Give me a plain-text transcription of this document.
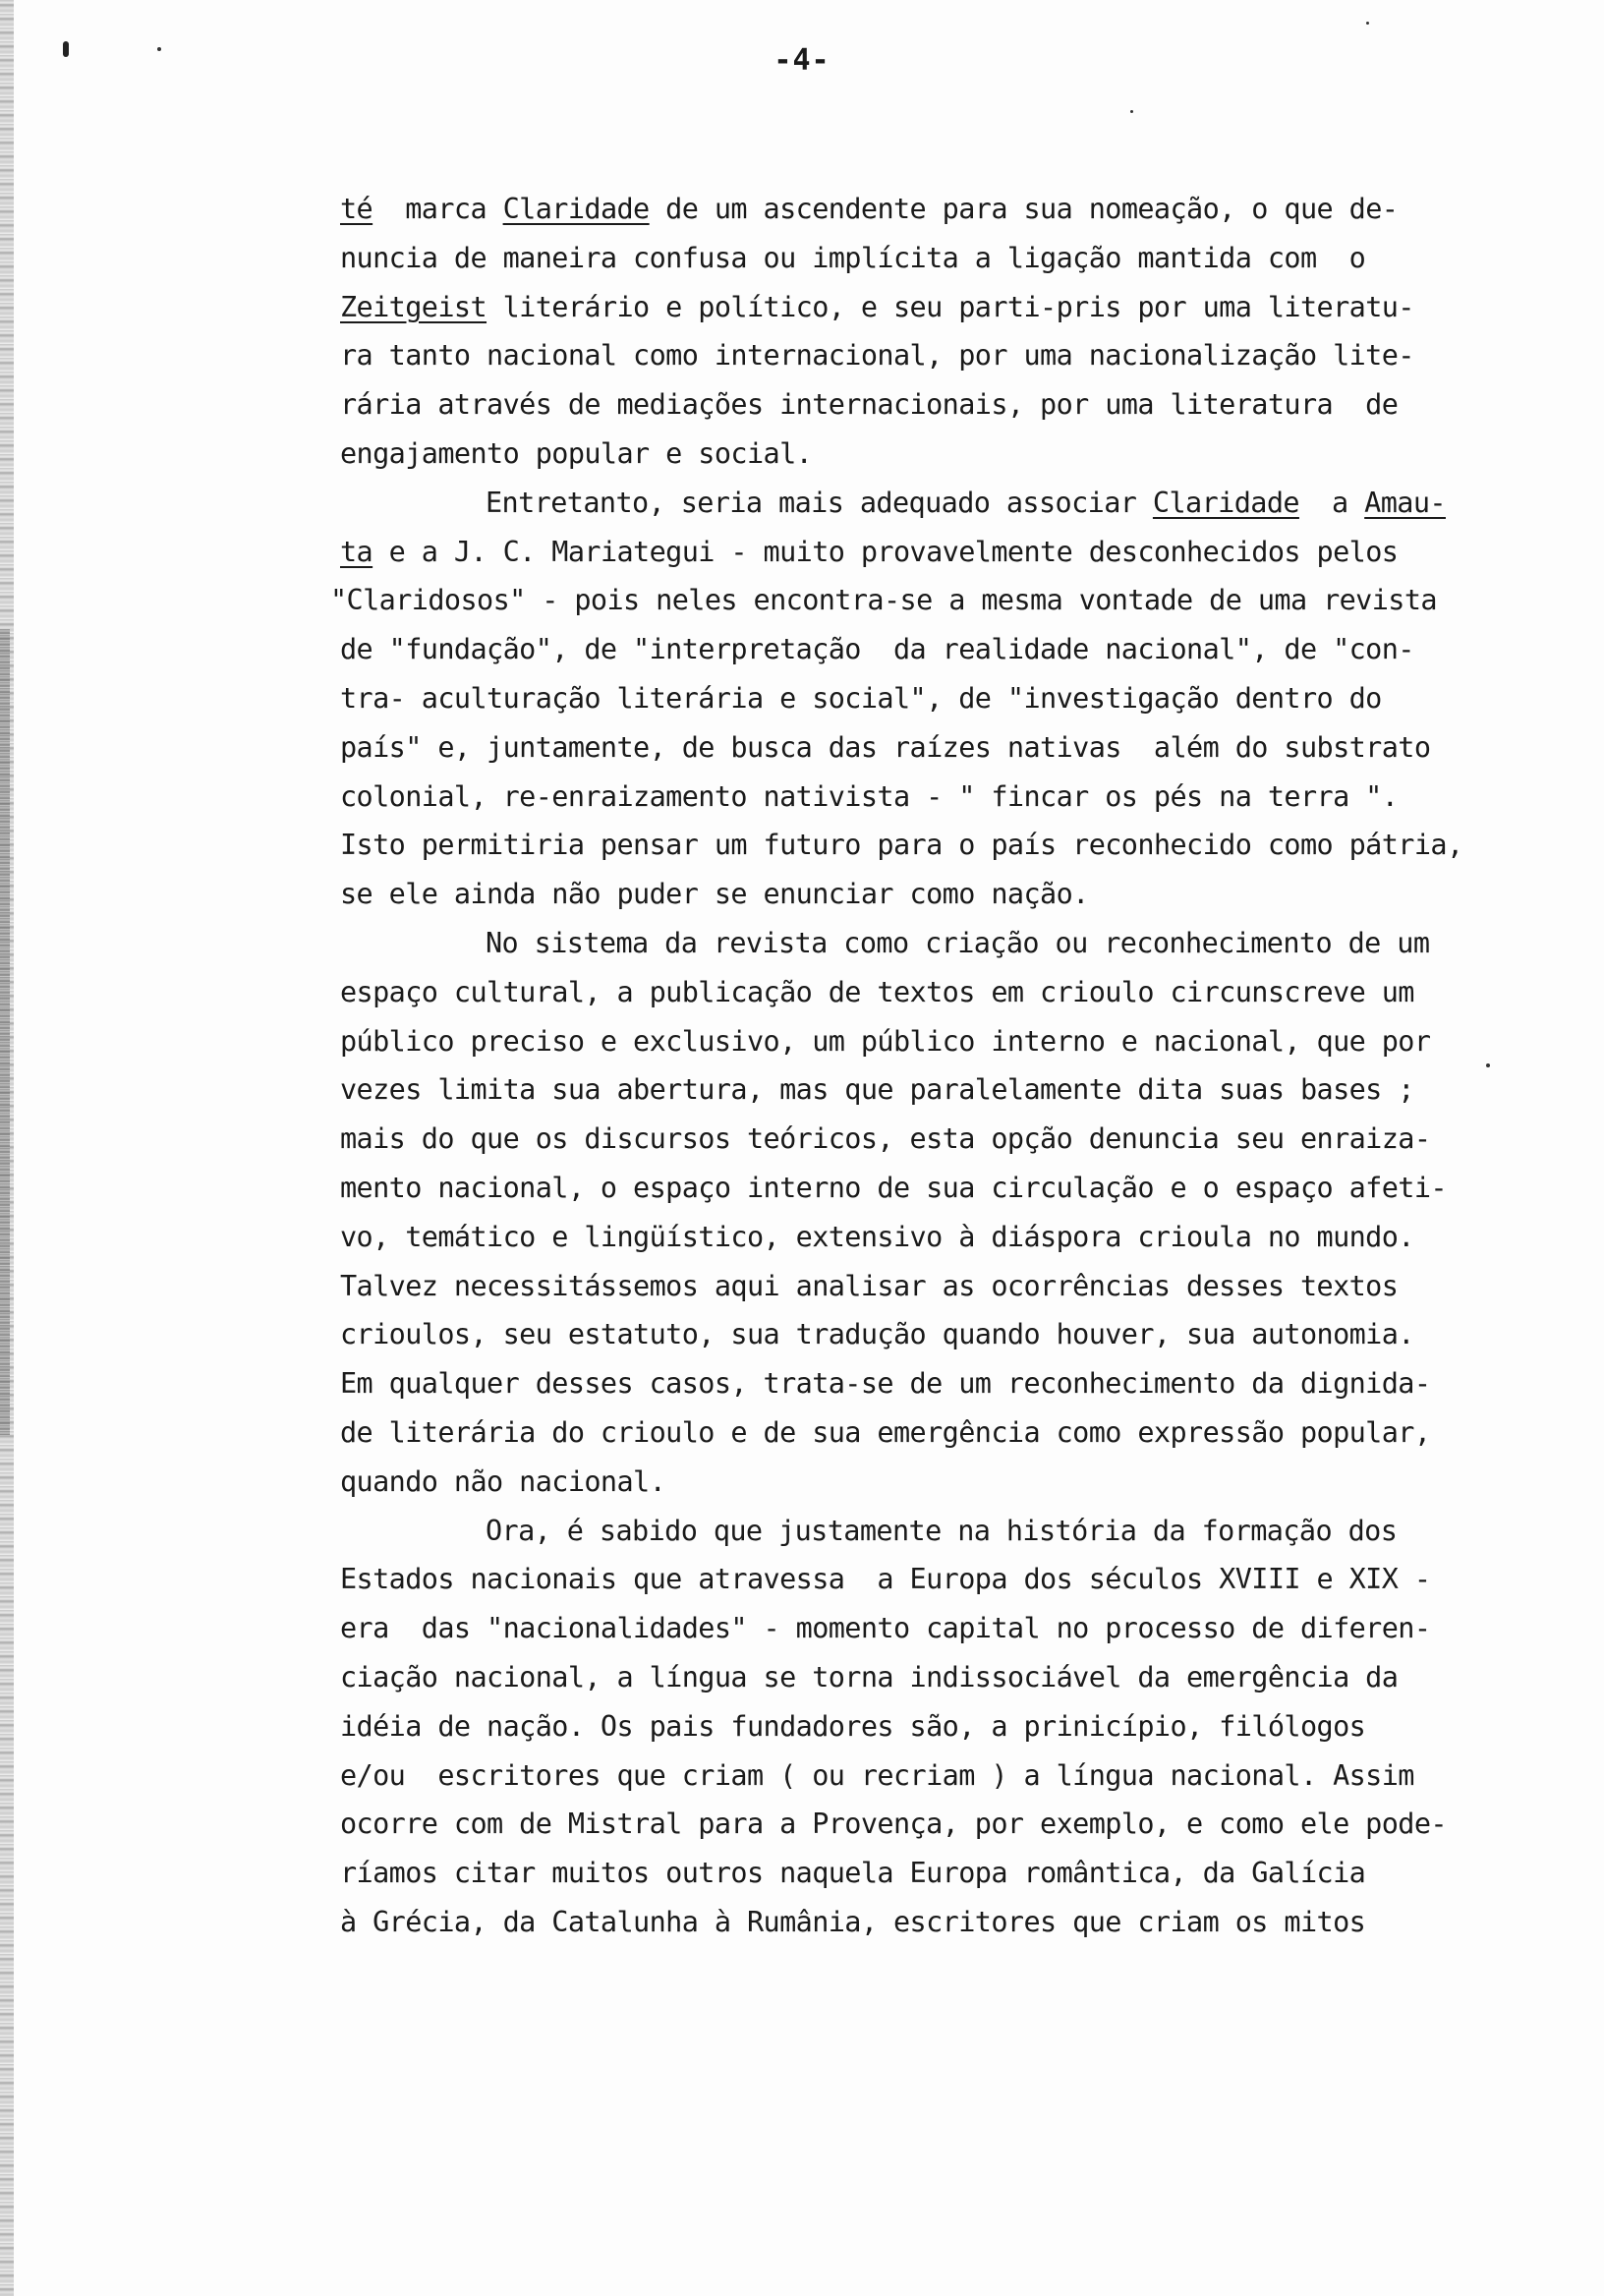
-4-
té  marca Claridade de um ascendente para sua nomeação, o que de-
nuncia de maneira confusa ou implícita a ligação mantida com  o
Zeitgeist literário e político, e seu parti-pris por uma literatu-
ra tanto nacional como internacional, por uma nacionalização lite-
rária através de mediações internacionais, por uma literatura  de
engajamento popular e social.
Entretanto, seria mais adequado associar Claridade  a Amau-
ta e a J. C. Mariategui - muito provavelmente desconhecidos pelos
"Claridosos" - pois neles encontra-se a mesma vontade de uma revista
de "fundação", de "interpretação  da realidade nacional", de "con-
tra- aculturação literária e social", de "investigação dentro do
país" e, juntamente, de busca das raízes nativas  além do substrato
colonial, re-enraizamento nativista - " fincar os pés na terra ".
Isto permitiria pensar um futuro para o país reconhecido como pátria,
se ele ainda não puder se enunciar como nação.
No sistema da revista como criação ou reconhecimento de um
espaço cultural, a publicação de textos em crioulo circunscreve um
público preciso e exclusivo, um público interno e nacional, que por
vezes limita sua abertura, mas que paralelamente dita suas bases ;
mais do que os discursos teóricos, esta opção denuncia seu enraiza-
mento nacional, o espaço interno de sua circulação e o espaço afeti-
vo, temático e lingüístico, extensivo à diáspora crioula no mundo.
Talvez necessitássemos aqui analisar as ocorrências desses textos
crioulos, seu estatuto, sua tradução quando houver, sua autonomia.
Em qualquer desses casos, trata-se de um reconhecimento da dignida-
de literária do crioulo e de sua emergência como expressão popular,
quando não nacional.
Ora, é sabido que justamente na história da formação dos
Estados nacionais que atravessa  a Europa dos séculos XVIII e XIX -
era  das "nacionalidades" - momento capital no processo de diferen-
ciação nacional, a língua se torna indissociável da emergência da
idéia de nação. Os pais fundadores são, a prinicípio, filólogos
e/ou  escritores que criam ( ou recriam ) a língua nacional. Assim
ocorre com de Mistral para a Provença, por exemplo, e como ele pode-
ríamos citar muitos outros naquela Europa romântica, da Galícia
à Grécia, da Catalunha à Rumânia, escritores que criam os mitos
